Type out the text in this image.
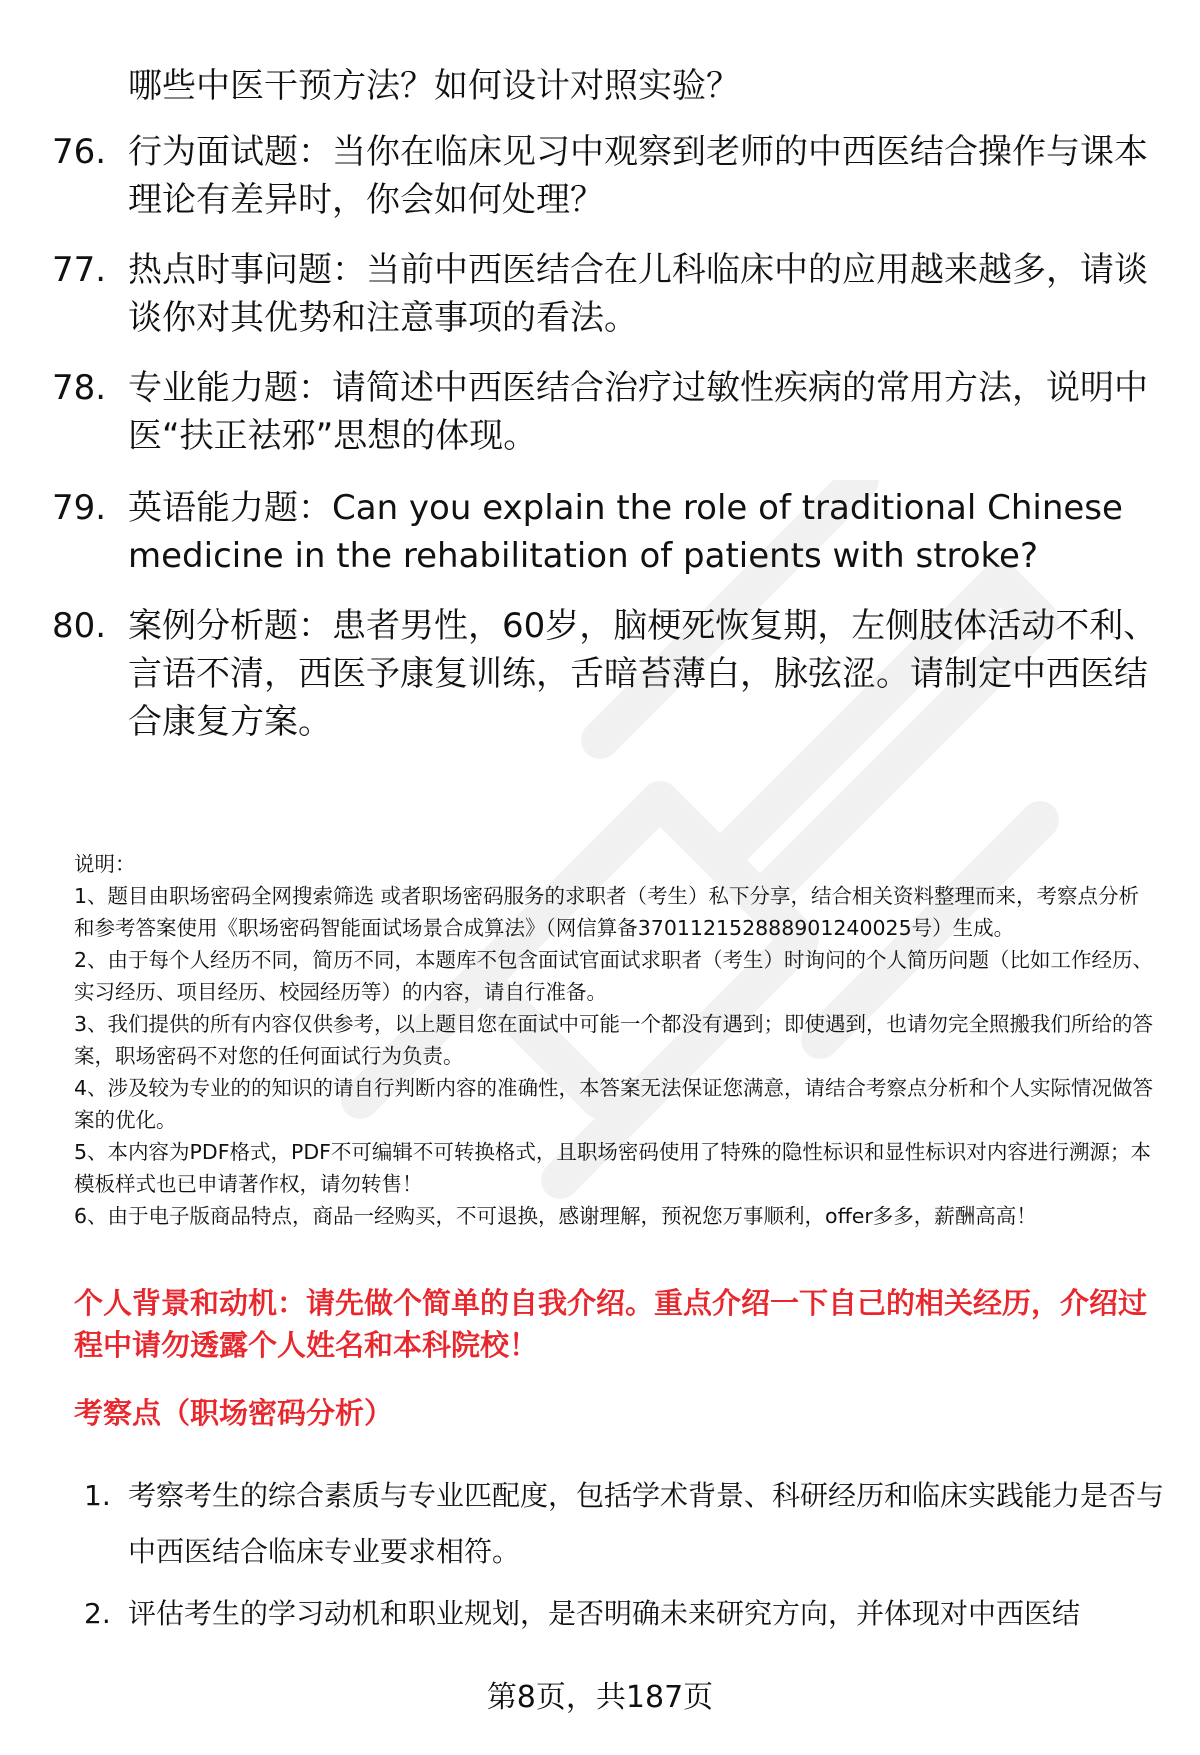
哪些中医干预方法？如何设计对照实验？
76. 行为面试题：当你在临床见习中观察到老师的中西医结合操作与课本理论有差异时，你会如何处理？
77. 热点时事问题：当前中西医结合在儿科临床中的应用越来越多，请谈谈你对其优势和注意事项的看法。
78. 专业能力题：请简述中西医结合治疗过敏性疾病的常用方法，说明中医“扶正祛邪”思想的体现。
79. 英语能力题：Can you explain the role of traditional Chinese medicine in the rehabilitation of patients with stroke?
80. 案例分析题：患者男性，60岁，脑梗死恢复期，左侧肢体活动不利、言语不清，西医予康复训练，舌暗苔薄白，脉弦涩。请制定中西医结合康复方案。
说明：
1、题目由职场密码全网搜索筛选 或者职场密码服务的求职者（考生）私下分享，结合相关资料整理而来，考察点分析和参考答案使用《职场密码智能面试场景合成算法》（网信算备370112152888901240025号）生成。
2、由于每个人经历不同，简历不同，本题库不包含面试官面试求职者（考生）时询问的个人简历问题（比如工作经历、实习经历、项目经历、校园经历等）的内容，请自行准备。
3、我们提供的所有内容仅供参考，以上题目您在面试中可能一个都没有遇到；即使遇到，也请勿完全照搬我们所给的答案，职场密码不对您的任何面试行为负责。
4、涉及较为专业的的知识的请自行判断内容的准确性，本答案无法保证您满意，请结合考察点分析和个人实际情况做答案的优化。
5、本内容为PDF格式，PDF不可编辑不可转换格式，且职场密码使用了特殊的隐性标识和显性标识对内容进行溯源；本模板样式也已申请著作权，请勿转售！
6、由于电子版商品特点，商品一经购买，不可退换，感谢理解，预祝您万事顺利，offer多多，薪酬高高！
个人背景和动机：请先做个简单的自我介绍。重点介绍一下自己的相关经历，介绍过程中请勿透露个人姓名和本科院校！
考察点（职场密码分析）
1. 考察考生的综合素质与专业匹配度，包括学术背景、科研经历和临床实践能力是否与中西医结合临床专业要求相符。
2. 评估考生的学习动机和职业规划，是否明确未来研究方向，并体现对中西医结
第8页，共187页
